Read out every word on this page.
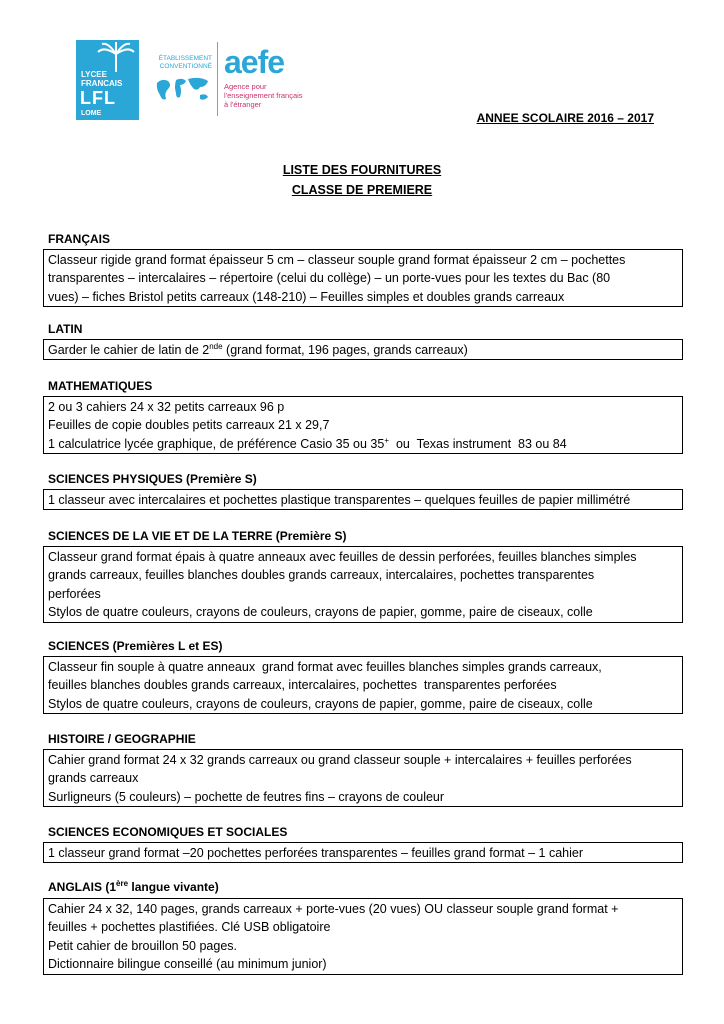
LYCEE
FRANCAIS
LFL
LOME
ÉTABLISSEMENT
CONVENTIONNÉ aefe
Agence pour
l'enseignement français
à l'étranger
ANNEE SCOLAIRE 2016 – 2017
LISTE DES FOURNITURES
CLASSE DE PREMIERE
FRANÇAIS
Classeur rigide grand format épaisseur 5 cm – classeur souple grand format épaisseur 2 cm – pochettes
transparentes – intercalaires – répertoire (celui du collège) – un porte-vues pour les textes du Bac (80
vues) – fiches Bristol petits carreaux (148-210) – Feuilles simples et doubles grands carreaux
LATIN
Garder le cahier de latin de 2nde (grand format, 196 pages, grands carreaux)
MATHEMATIQUES
2 ou 3 cahiers 24 x 32 petits carreaux 96 p
Feuilles de copie doubles petits carreaux 21 x 29,7
1 calculatrice lycée graphique, de préférence Casio 35 ou 35+  ou  Texas instrument  83 ou 84
SCIENCES PHYSIQUES (Première S)
1 classeur avec intercalaires et pochettes plastique transparentes – quelques feuilles de papier millimétré
SCIENCES DE LA VIE ET DE LA TERRE (Première S)
Classeur grand format épais à quatre anneaux avec feuilles de dessin perforées, feuilles blanches simples
grands carreaux, feuilles blanches doubles grands carreaux, intercalaires, pochettes transparentes
perforées
Stylos de quatre couleurs, crayons de couleurs, crayons de papier, gomme, paire de ciseaux, colle
SCIENCES (Premières L et ES)
Classeur fin souple à quatre anneaux  grand format avec feuilles blanches simples grands carreaux,
feuilles blanches doubles grands carreaux, intercalaires, pochettes  transparentes perforées
Stylos de quatre couleurs, crayons de couleurs, crayons de papier, gomme, paire de ciseaux, colle
HISTOIRE / GEOGRAPHIE
Cahier grand format 24 x 32 grands carreaux ou grand classeur souple + intercalaires + feuilles perforées
grands carreaux
Surligneurs (5 couleurs) – pochette de feutres fins – crayons de couleur
SCIENCES ECONOMIQUES ET SOCIALES
1 classeur grand format –20 pochettes perforées transparentes – feuilles grand format – 1 cahier
ANGLAIS (1ère langue vivante)
Cahier 24 x 32, 140 pages, grands carreaux + porte-vues (20 vues) OU classeur souple grand format +
feuilles + pochettes plastifiées. Clé USB obligatoire
Petit cahier de brouillon 50 pages.
Dictionnaire bilingue conseillé (au minimum junior)
